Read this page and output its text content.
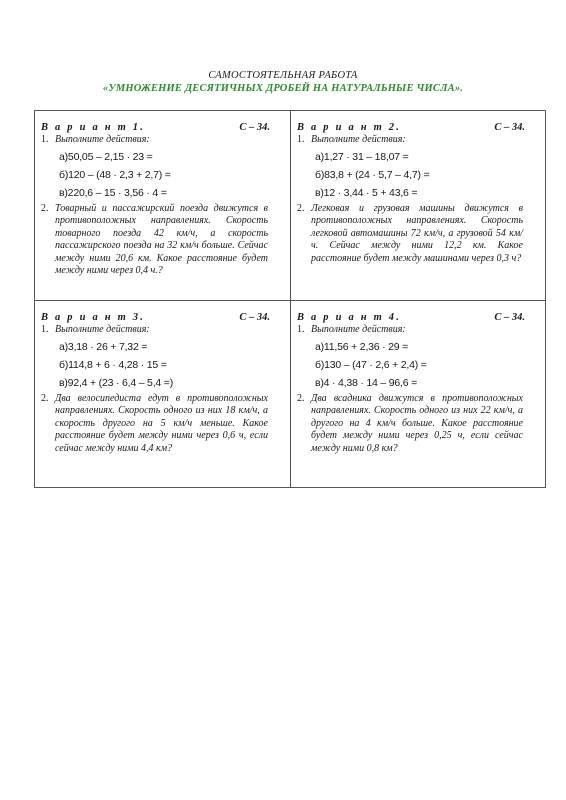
САМОСТОЯТЕЛЬНАЯ РАБОТА
«УМНОЖЕНИЕ ДЕСЯТИЧНЫХ ДРОБЕЙ НА НАТУРАЛЬНЫЕ ЧИСЛА».
В а р и а н т 1.	С – 34.
1. Выполните действия:
а)50,05 – 2,15 · 23 =
б)120 – (48 · 2,3 + 2,7) =
в)220,6 – 15 · 3,56 · 4 =
2. Товарный и пассажирский поезда движутся в противоположных направлениях. Скорость товарного поезда 42 км/ч, а скорость пассажирского поезда на 32 км/ч больше. Сейчас между ними 20,6 км. Какое расстояние будет между ними через 0,4 ч.?
В а р и а н т 2.	С – 34.
1. Выполните действия:
а)1,27 · 31 – 18,07 =
б)83,8 + (24 · 5,7 – 4,7) =
в)12 · 3,44 · 5 + 43,6 =
2. Легковая и грузовая машины движутся в противоположных направлениях. Скорость легковой автомашины 72 км/ч, а грузовой 54 км/ч. Сейчас между ними 12,2 км. Какое расстояние будет между машинами через 0,3 ч?
В а р и а н т 3.	С – 34.
1. Выполните действия:
а)3,18 · 26 + 7,32 =
б)114,8 + 6 · 4,28 · 15 =
в)92,4 + (23 · 6,4 – 5,4 =)
2. Два велосипедиста едут в противоположных направлениях. Скорость одного из них 18 км/ч, а скорость другого на 5 км/ч меньше. Какое расстояние будет между ними через 0,6 ч, если сейчас между ними 4,4 км?
В а р и а н т 4.	С – 34.
1. Выполните действия:
а)11,56 + 2,36 · 29 =
б)130 – (47 · 2,6 + 2,4) =
в)4 · 4,38 · 14 – 96,6 =
2. Два всадника движутся в противоположных направлениях. Скорость одного из них 22 км/ч, а другого на 4 км/ч больше. Какое расстояние будет между ними через 0,25 ч, если сейчас между ними 0,8 км?
